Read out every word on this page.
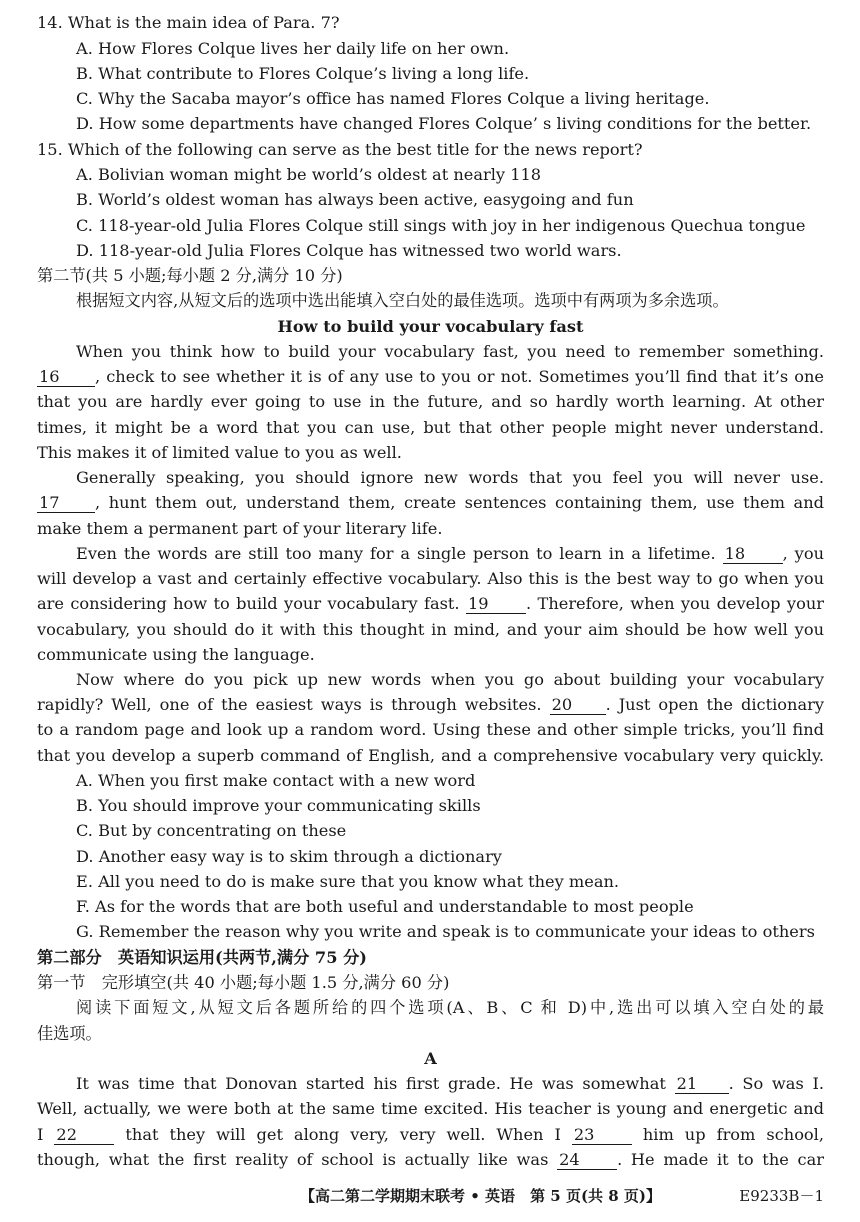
14. What is the main idea of Para. 7?
A. How Flores Colque lives her daily life on her own.
B. What contribute to Flores Colque’s living a long life.
C. Why the Sacaba mayor’s office has named Flores Colque a living heritage.
D. How some departments have changed Flores Colque’ s living conditions for the better.
15. Which of the following can serve as the best title for the news report?
A. Bolivian woman might be world’s oldest at nearly 118
B. World’s oldest woman has always been active, easygoing and fun
C. 118-year-old Julia Flores Colque still sings with joy in her indigenous Quechua tongue
D. 118-year-old Julia Flores Colque has witnessed two world wars.
第二节(共 5 小题;每小题 2 分,满分 10 分)
根据短文内容,从短文后的选项中选出能填入空白处的最佳选项。选项中有两项为多余选项。
How to build your vocabulary fast
When you think how to build your vocabulary fast, you need to remember something.
16 , check to see whether it is of any use to you or not. Sometimes you’ll find that it’s one
that you are hardly ever going to use in the future, and so hardly worth learning. At other
times, it might be a word that you can use, but that other people might never understand.
This makes it of limited value to you as well.
Generally speaking, you should ignore new words that you feel you will never use.
17 , hunt them out, understand them, create sentences containing them, use them and
make them a permanent part of your literary life.
Even the words are still too many for a single person to learn in a lifetime. 18 , you
will develop a vast and certainly effective vocabulary. Also this is the best way to go when you
are considering how to build your vocabulary fast. 19 . Therefore, when you develop your
vocabulary, you should do it with this thought in mind, and your aim should be how well you
communicate using the language.
Now where do you pick up new words when you go about building your vocabulary
rapidly? Well, one of the easiest ways is through websites. 20 . Just open the dictionary
to a random page and look up a random word. Using these and other simple tricks, you’ll find
that you develop a superb command of English, and a comprehensive vocabulary very quickly.
A. When you first make contact with a new word
B. You should improve your communicating skills
C. But by concentrating on these
D. Another easy way is to skim through a dictionary
E. All you need to do is make sure that you know what they mean.
F. As for the words that are both useful and understandable to most people
G. Remember the reason why you write and speak is to communicate your ideas to others
第二部分　英语知识运用(共两节,满分 75 分)
第一节　完形填空(共 40 小题;每小题 1.5 分,满分 60 分)
阅读下面短文,从短文后各题所给的四个选项(A、B、C 和 D)中,选出可以填入空白处的最
佳选项。
A
It was time that Donovan started his first grade. He was somewhat 21 . So was I.
Well, actually, we were both at the same time excited. His teacher is young and energetic and
I 22	that they will get along very, very well. When I 23	him up from school,
though, what the first reality of school is actually like was 24 . He made it to the car
【高二第二学期期末联考 • 英语　 第 5 页(共 8 页)】	E9233B－1
